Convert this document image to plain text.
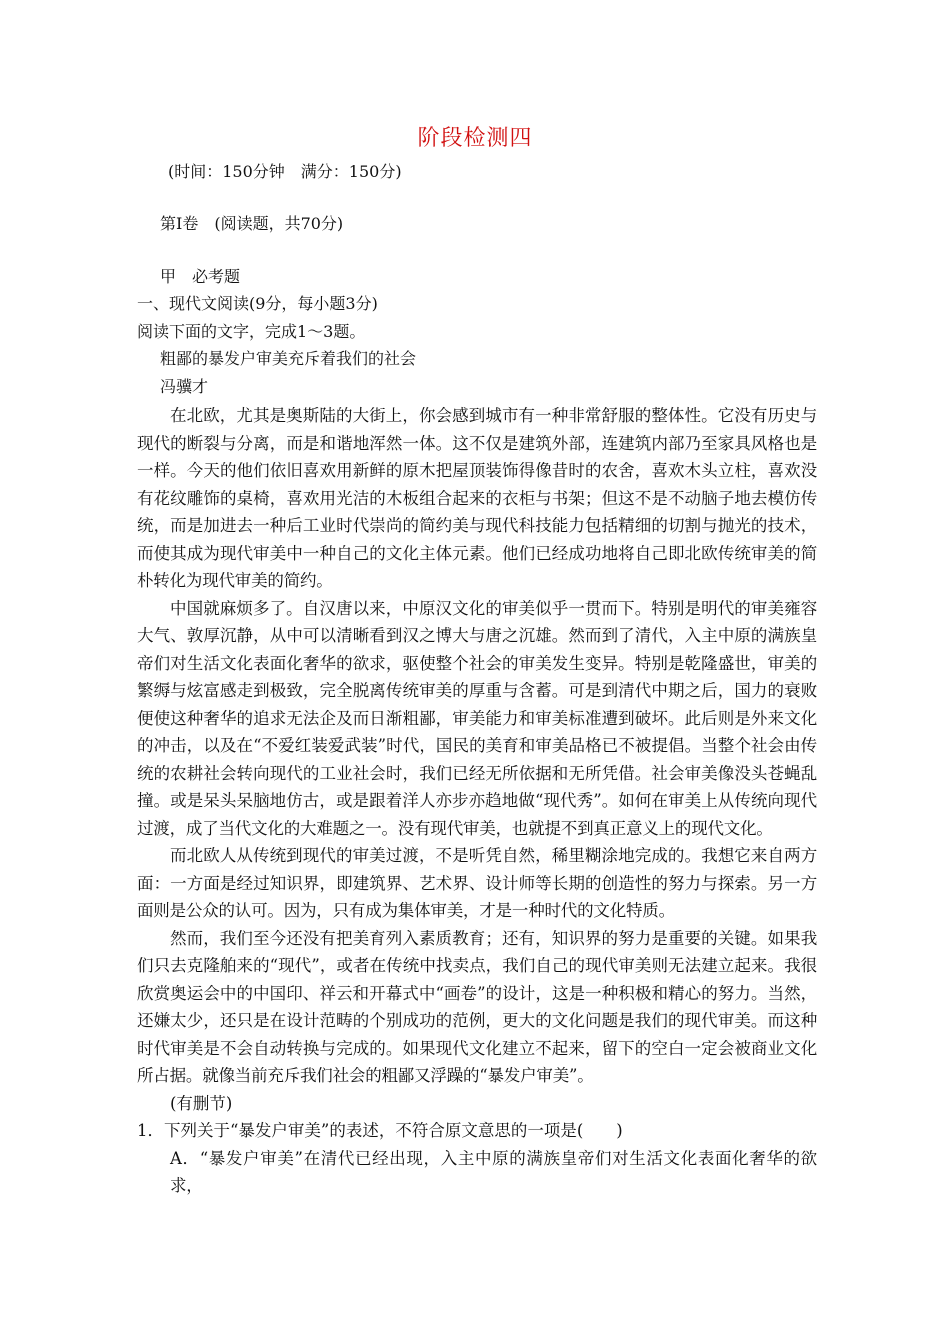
阶段检测四
(时间：150分钟　满分：150分)
第Ⅰ卷　(阅读题，共70分)
甲　必考题
一、现代文阅读(9分，每小题3分)
阅读下面的文字，完成1～3题。
粗鄙的暴发户审美充斥着我们的社会
冯骥才

在北欧，尤其是奥斯陆的大街上，你会感到城市有一种非常舒服的整体性。它没有历史与现代的断裂与分离，而是和谐地浑然一体。这不仅是建筑外部，连建筑内部乃至家具风格也是一样。今天的他们依旧喜欢用新鲜的原木把屋顶装饰得像昔时的农舍，喜欢木头立柱，喜欢没有花纹雕饰的桌椅，喜欢用光洁的木板组合起来的衣柜与书架；但这不是不动脑子地去模仿传统，而是加进去一种后工业时代崇尚的简约美与现代科技能力包括精细的切割与抛光的技术，而使其成为现代审美中一种自己的文化主体元素。他们已经成功地将自己即北欧传统审美的简朴转化为现代审美的简约。

中国就麻烦多了。自汉唐以来，中原汉文化的审美似乎一贯而下。特别是明代的审美雍容大气、敦厚沉静，从中可以清晰看到汉之博大与唐之沉雄。然而到了清代，入主中原的满族皇帝们对生活文化表面化奢华的欲求，驱使整个社会的审美发生变异。特别是乾隆盛世，审美的繁缛与炫富感走到极致，完全脱离传统审美的厚重与含蓄。可是到清代中期之后，国力的衰败便使这种奢华的追求无法企及而日渐粗鄙，审美能力和审美标准遭到破坏。此后则是外来文化的冲击，以及在“不爱红装爱武装”时代，国民的美育和审美品格已不被提倡。当整个社会由传统的农耕社会转向现代的工业社会时，我们已经无所依据和无所凭借。社会审美像没头苍蝇乱撞。或是呆头呆脑地仿古，或是跟着洋人亦步亦趋地做“现代秀”。如何在审美上从传统向现代过渡，成了当代文化的大难题之一。没有现代审美，也就提不到真正意义上的现代文化。

而北欧人从传统到现代的审美过渡，不是听凭自然，稀里糊涂地完成的。我想它来自两方面：一方面是经过知识界，即建筑界、艺术界、设计师等长期的创造性的努力与探索。另一方面则是公众的认可。因为，只有成为集体审美，才是一种时代的文化特质。

然而，我们至今还没有把美育列入素质教育；还有，知识界的努力是重要的关键。如果我们只去克隆舶来的“现代”，或者在传统中找卖点，我们自己的现代审美则无法建立起来。我很欣赏奥运会中的中国印、祥云和开幕式中“画卷”的设计，这是一种积极和精心的努力。当然，还嫌太少，还只是在设计范畴的个别成功的范例，更大的文化问题是我们的现代审美。而这种时代审美是不会自动转换与完成的。如果现代文化建立不起来，留下的空白一定会被商业文化所占据。就像当前充斥我们社会的粗鄙又浮躁的“暴发户审美”。

(有删节)

1．下列关于“暴发户审美”的表述，不符合原文意思的一项是(　　)

A．“暴发户审美”在清代已经出现，入主中原的满族皇帝们对生活文化表面化奢华的欲求，
